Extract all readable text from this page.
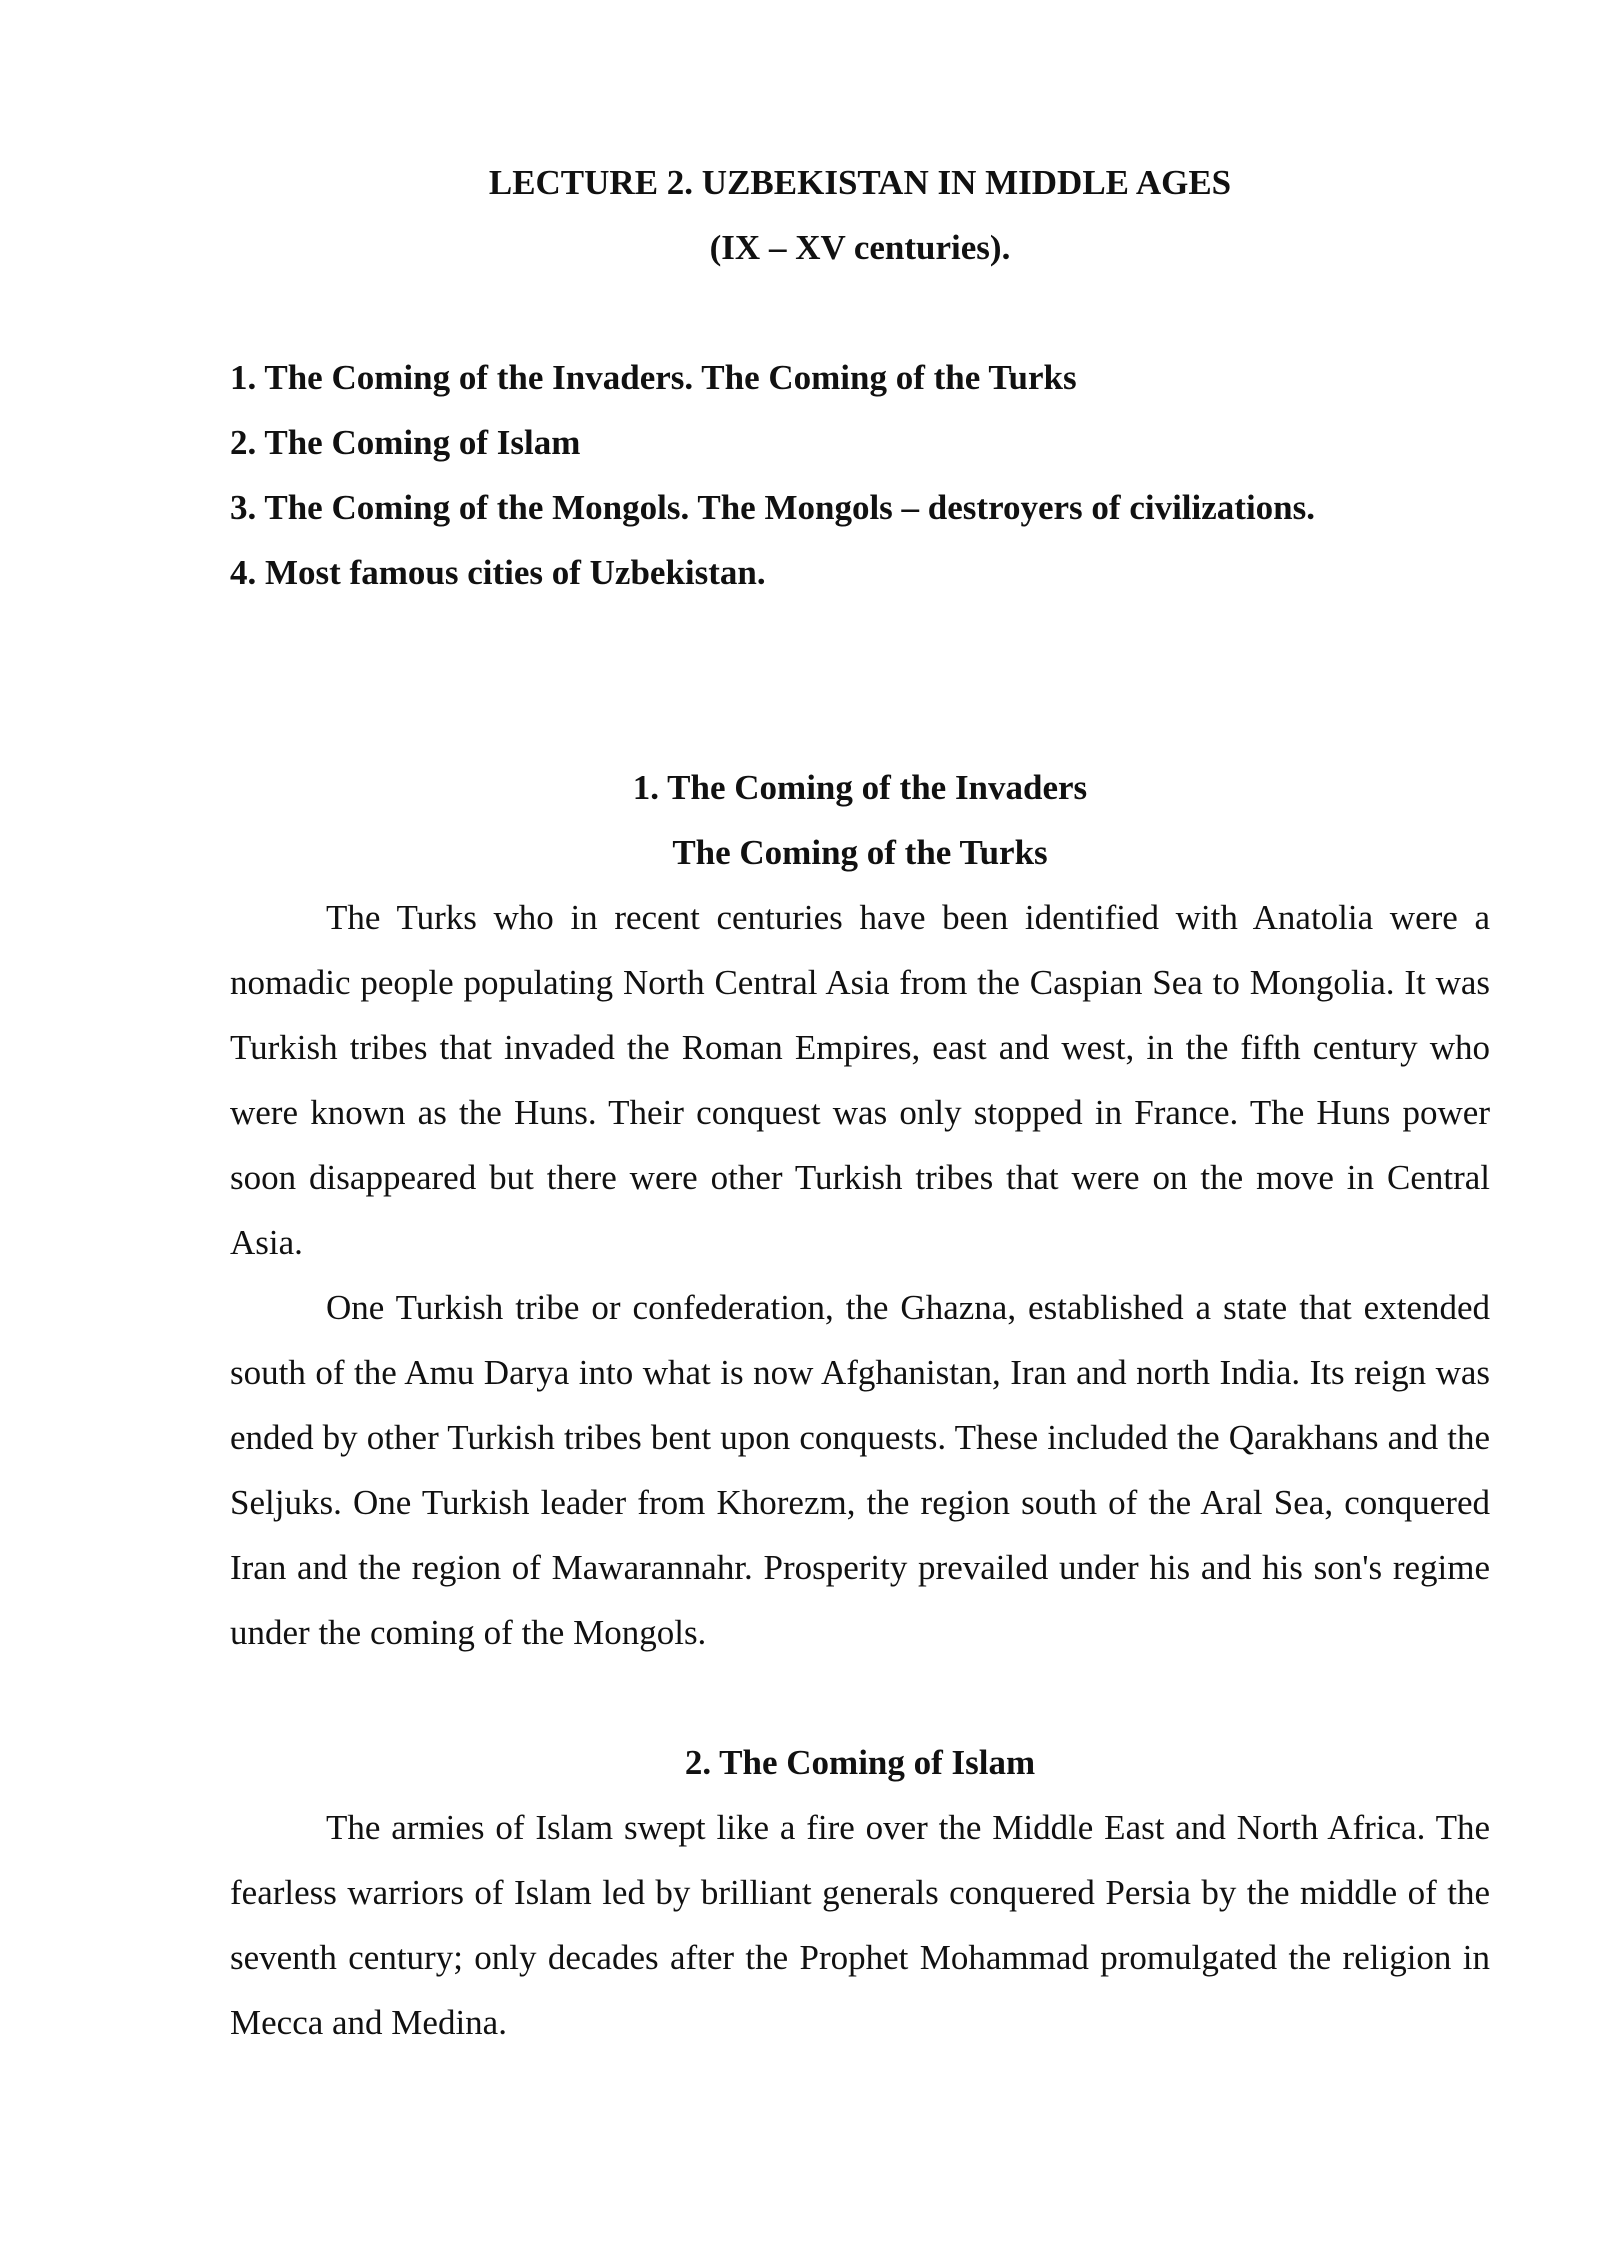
LECTURE 2. UZBEKISTAN IN MIDDLE AGES
(IX – XV centuries).
1. The Coming of the Invaders. The Coming of the Turks
2. The Coming of Islam
3. The Coming of the Mongols. The Mongols – destroyers of civilizations.
4. Most famous cities of Uzbekistan.
1. The Coming of the Invaders
The Coming of the Turks

The Turks who in recent centuries have been identified with Anatolia were a nomadic people populating North Central Asia from the Caspian Sea to Mongolia. It was Turkish tribes that invaded the Roman Empires, east and west, in the fifth century who were known as the Huns. Their conquest was only stopped in France. The Huns power soon disappeared but there were other Turkish tribes that were on the move in Central Asia.

One Turkish tribe or confederation, the Ghazna, established a state that extended south of the Amu Darya into what is now Afghanistan, Iran and north India. Its reign was ended by other Turkish tribes bent upon conquests. These included the Qarakhans and the Seljuks. One Turkish leader from Khorezm, the region south of the Aral Sea, conquered Iran and the region of Mawarannahr. Prosperity prevailed under his and his son's regime under the coming of the Mongols.

2. The Coming of Islam

The armies of Islam swept like a fire over the Middle East and North Africa. The fearless warriors of Islam led by brilliant generals conquered Persia by the middle of the seventh century; only decades after the Prophet Mohammad promulgated the religion in Mecca and Medina.
